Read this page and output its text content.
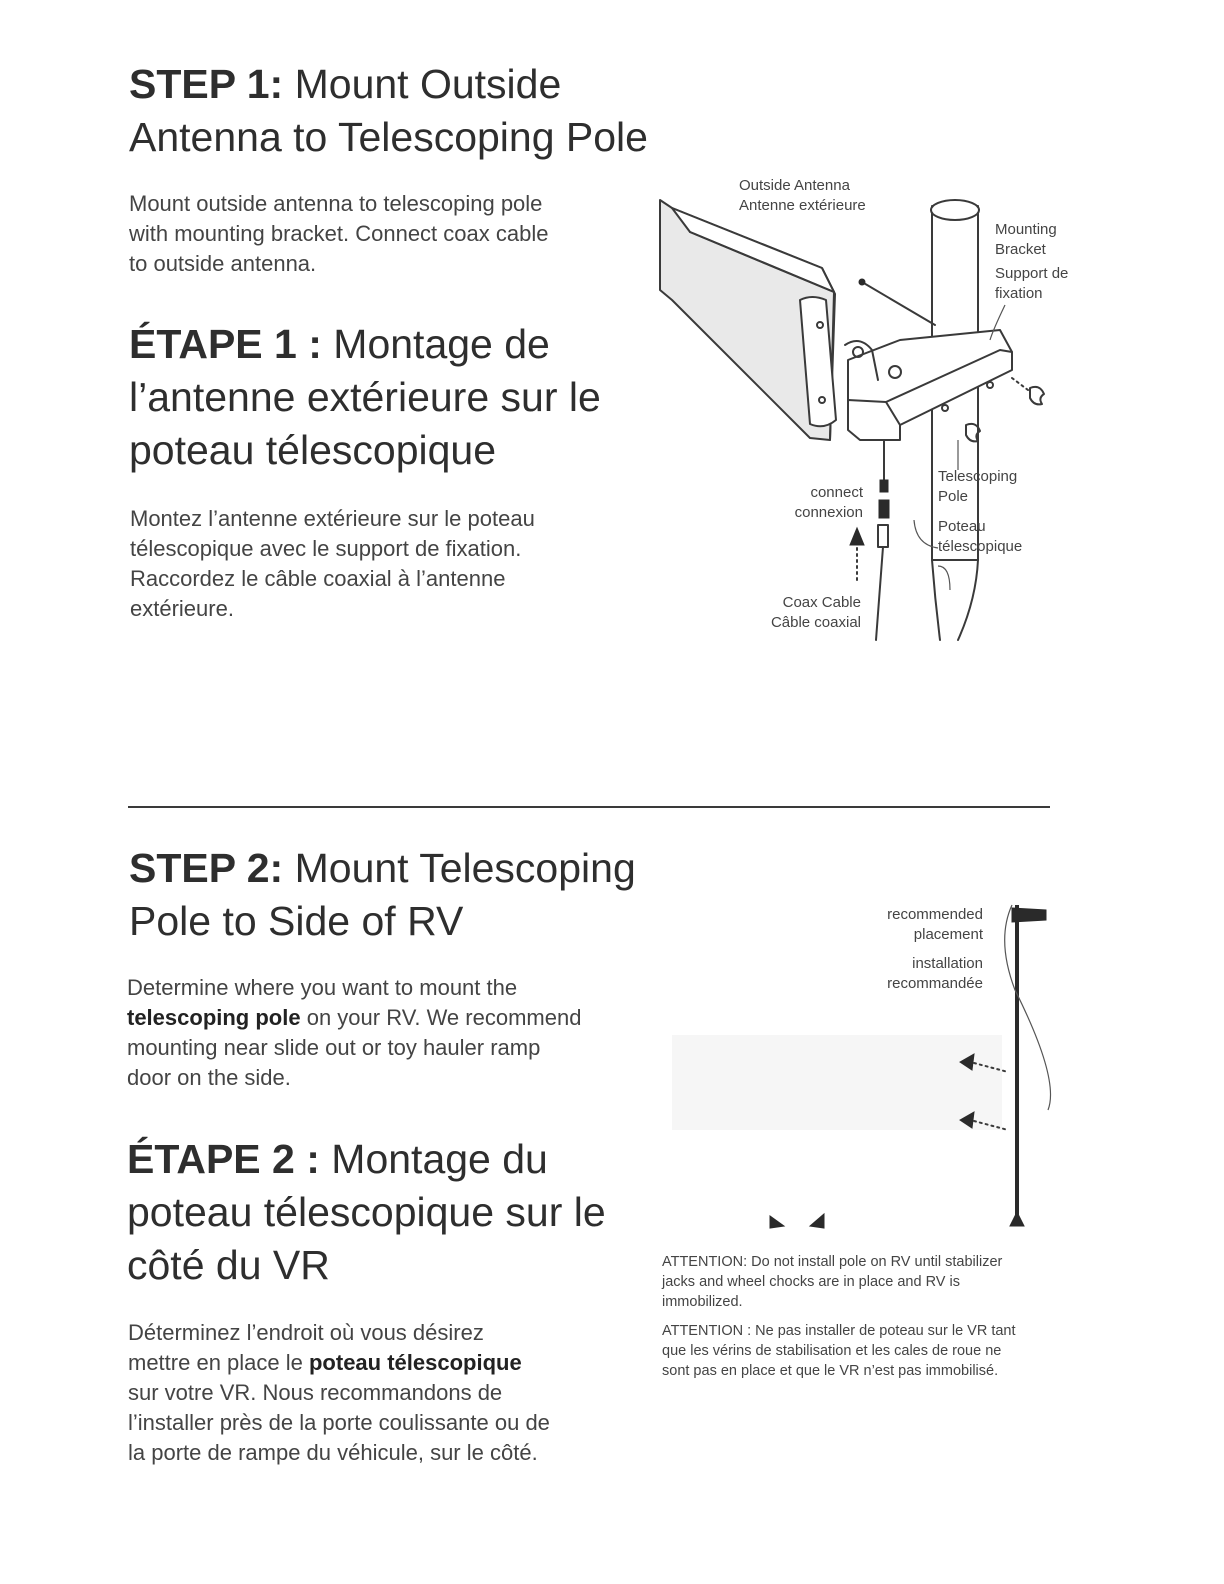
STEP 1: Mount Outside
Antenna to Telescoping Pole

Mount outside antenna to telescoping pole
with mounting bracket. Connect coax cable
to outside antenna.

ÉTAPE 1 : Montage de
l’antenne extérieure sur le
poteau télescopique

Montez l’antenne extérieure sur le poteau
télescopique avec le support de fixation.
Raccordez le câble coaxial à l’antenne
extérieure.

Outside Antenna
Antenne extérieure
Mounting
Bracket
Support de
fixation
connect
connexion
Telescoping
Pole
Poteau
télescopique
Coax Cable
Câble coaxial
STEP 2: Mount Telescoping
Pole to Side of RV

Determine where you want to mount the
telescoping pole on your RV. We recommend
mounting near slide out or toy hauler ramp
door on the side.

ÉTAPE 2 : Montage du
poteau télescopique sur le
côté du VR

Déterminez l’endroit où vous désirez
mettre en place le poteau télescopique
sur votre VR. Nous recommandons de
l’installer près de la porte coulissante ou de
la porte de rampe du véhicule, sur le côté.

recommended
placement
installation
recommandée
ATTENTION: Do not install pole on RV until stabilizer
jacks and wheel chocks are in place and RV is
immobilized.
ATTENTION : Ne pas installer de poteau sur le VR tant
que les vérins de stabilisation et les cales de roue ne
sont pas en place et que le VR n’est pas immobilisé.
